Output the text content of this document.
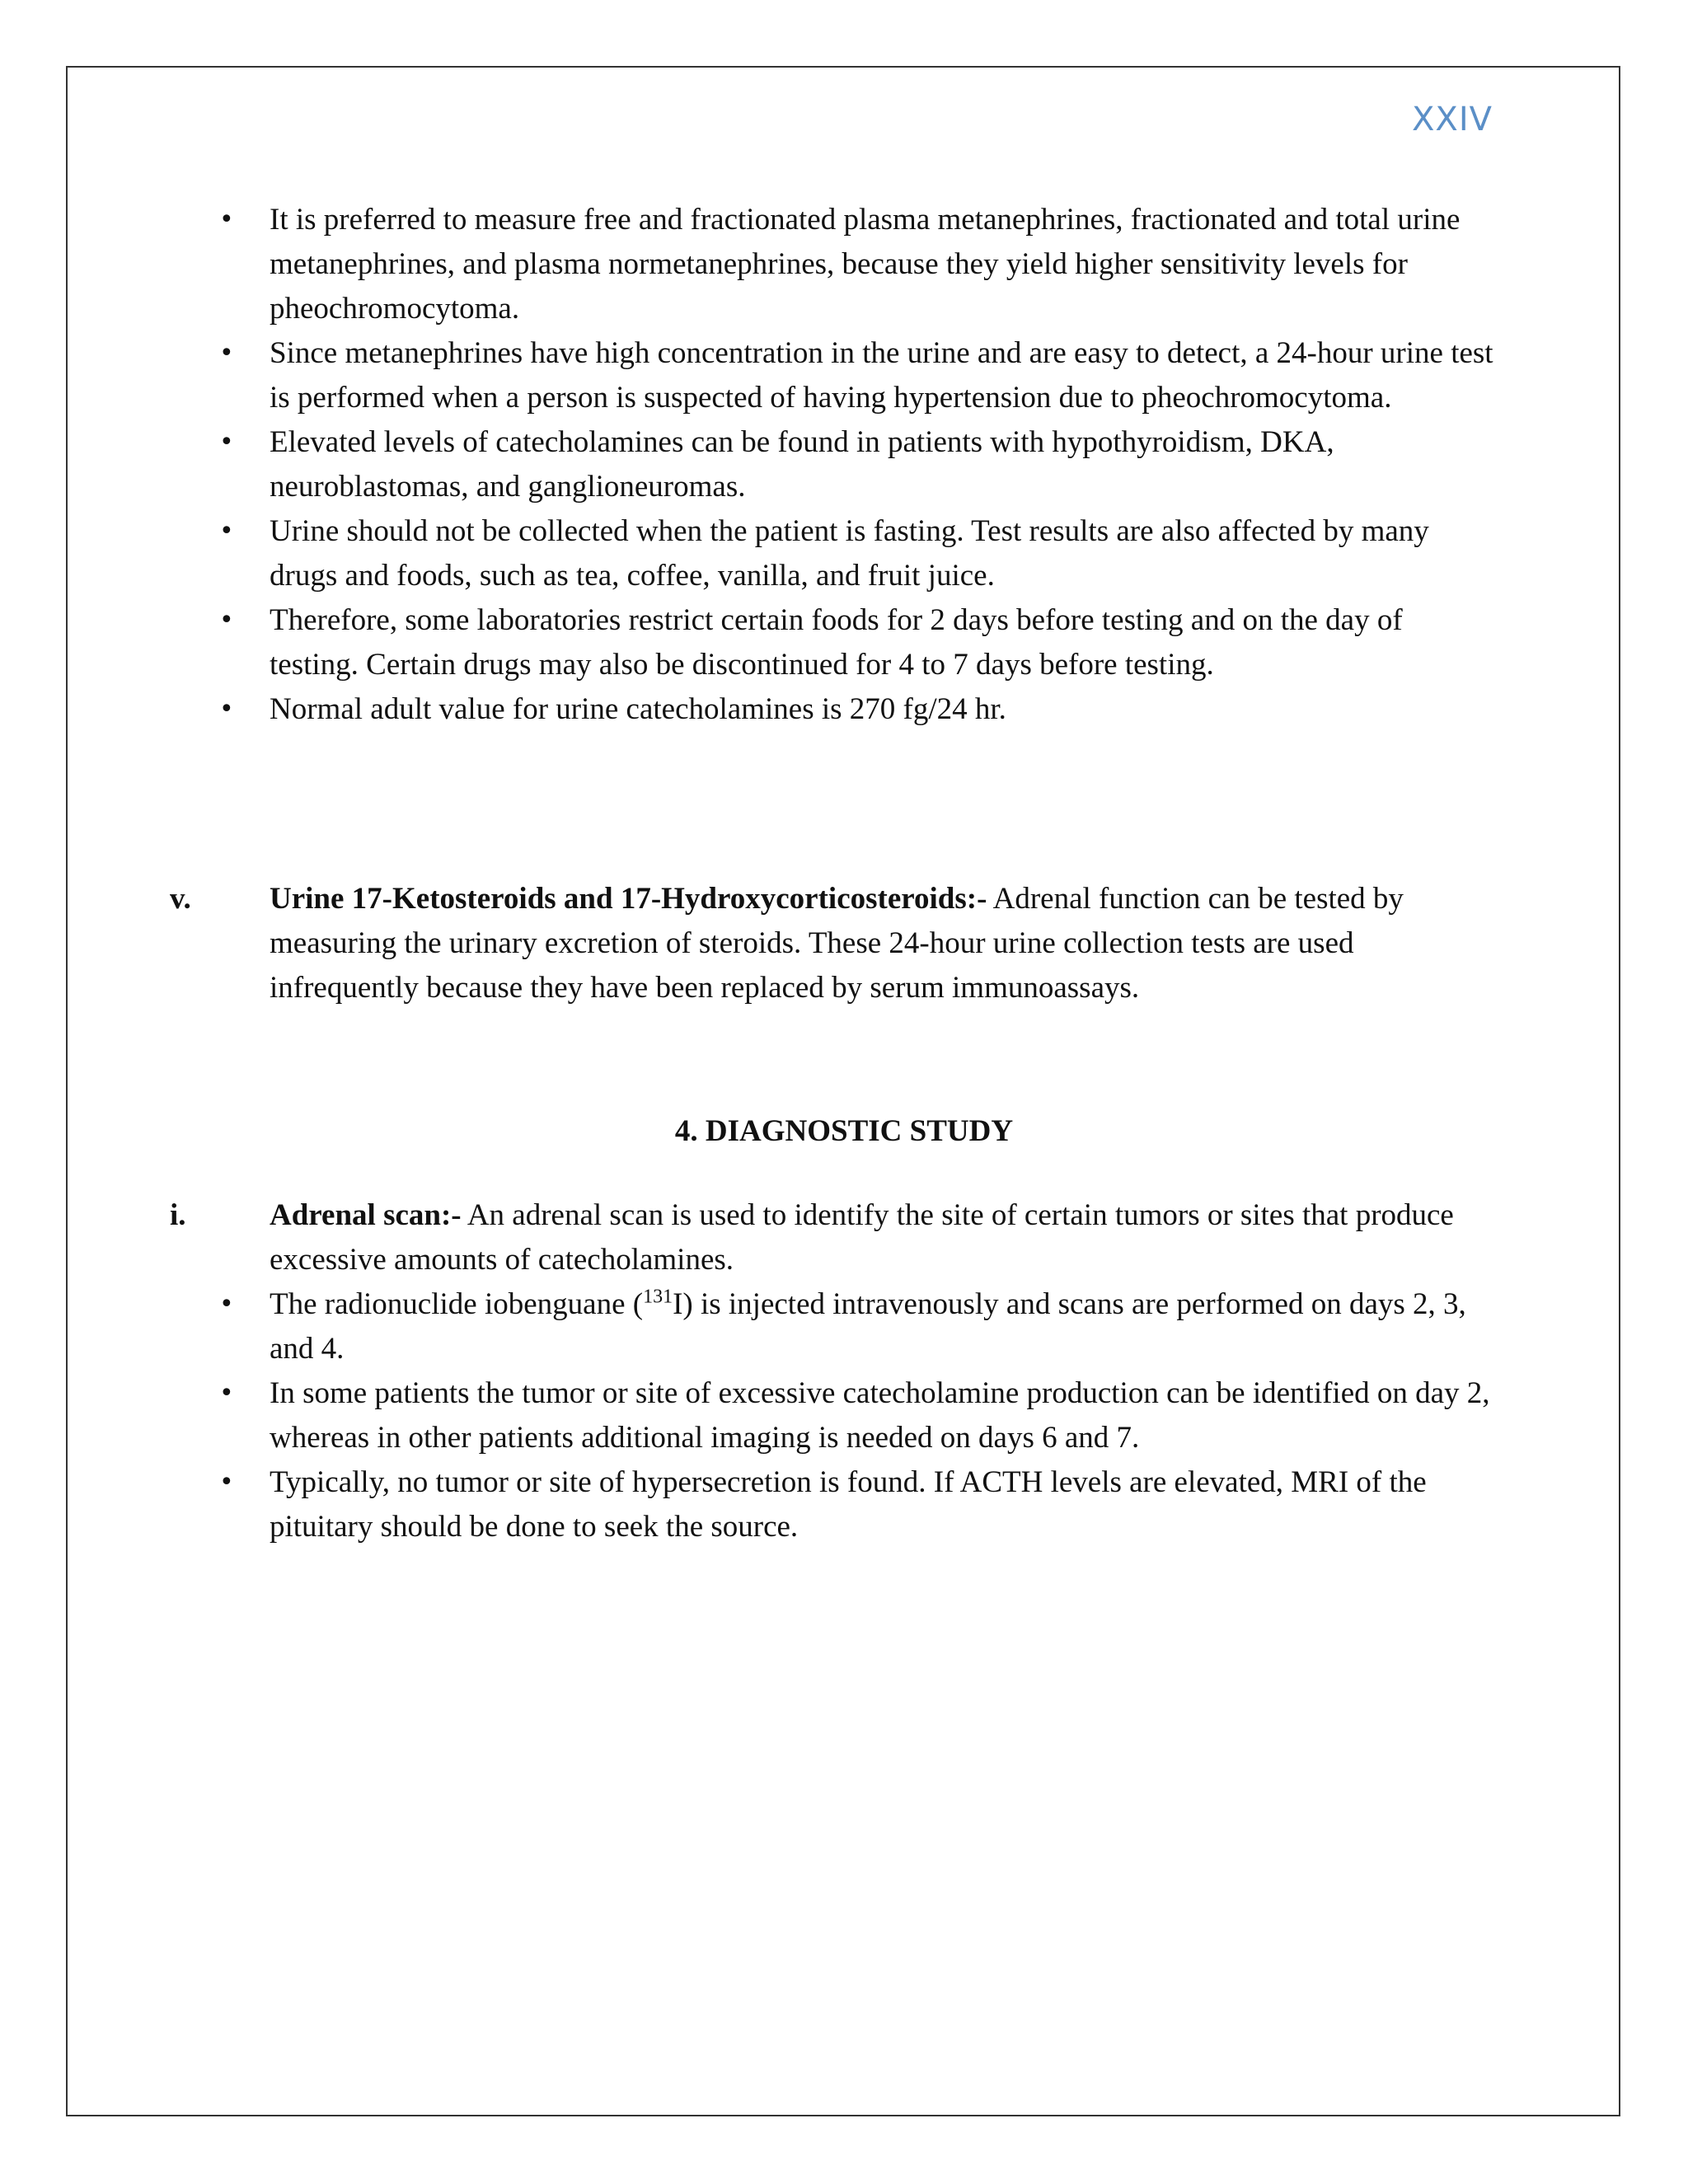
XXIV
• It is preferred to measure free and fractionated plasma metanephrines, fractionated and total urine metanephrines, and plasma normetanephrines, because they yield higher sensitivity levels for pheochromocytoma.
• Since metanephrines have high concentration in the urine and are easy to detect, a 24-hour urine test is performed when a person is suspected of having hypertension due to pheochromocytoma.
• Elevated levels of catecholamines can be found in patients with hypothyroidism, DKA, neuroblastomas, and ganglioneuromas.
• Urine should not be collected when the patient is fasting. Test results are also affected by many drugs and foods, such as tea, coffee, vanilla, and fruit juice.
• Therefore, some laboratories restrict certain foods for 2 days before testing and on the day of testing. Certain drugs may also be discontinued for 4 to 7 days before testing.
• Normal adult value for urine catecholamines is 270 fg/24 hr.
v.	Urine 17-Ketosteroids and 17-Hydroxycorticosteroids:- Adrenal function can be tested by measuring the urinary excretion of steroids. These 24-hour urine collection tests are used infrequently because they have been replaced by serum immunoassays.
4. DIAGNOSTIC STUDY
i.	Adrenal scan:- An adrenal scan is used to identify the site of certain tumors or sites that produce excessive amounts of catecholamines.
• The radionuclide iobenguane ($^{131}$I) is injected intravenously and scans are performed on days 2, 3, and 4.
• In some patients the tumor or site of excessive catecholamine production can be identified on day 2, whereas in other patients additional imaging is needed on days 6 and 7.
• Typically, no tumor or site of hypersecretion is found. If ACTH levels are elevated, MRI of the pituitary should be done to seek the source.
